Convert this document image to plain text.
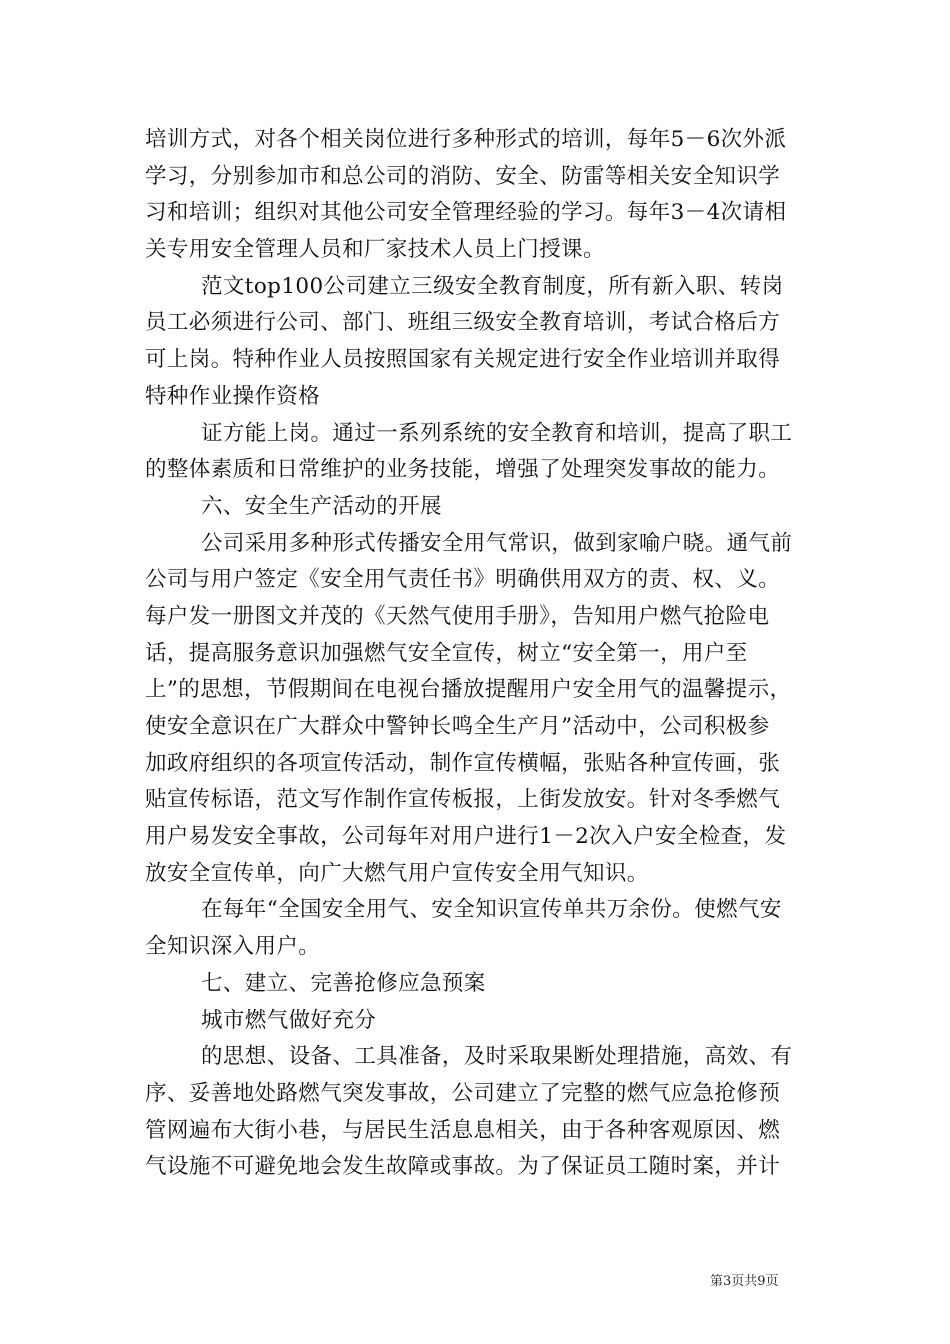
培训方式，对各个相关岗位进行多种形式的培训，每年5－6次外派
学习，分别参加市和总公司的消防、安全、防雷等相关安全知识学
习和培训；组织对其他公司安全管理经验的学习。每年3－4次请相
关专用安全管理人员和厂家技术人员上门授课。
范文top100公司建立三级安全教育制度，所有新入职、转岗
员工必须进行公司、部门、班组三级安全教育培训，考试合格后方
可上岗。特种作业人员按照国家有关规定进行安全作业培训并取得
特种作业操作资格
证方能上岗。通过一系列系统的安全教育和培训，提高了职工
的整体素质和日常维护的业务技能，增强了处理突发事故的能力。
六、安全生产活动的开展
公司采用多种形式传播安全用气常识，做到家喻户晓。通气前
公司与用户签定《安全用气责任书》明确供用双方的责、权、义。
每户发一册图文并茂的《天然气使用手册》，告知用户燃气抢险电
话，提高服务意识加强燃气安全宣传，树立“安全第一，用户至
上”的思想，节假期间在电视台播放提醒用户安全用气的温馨提示，
使安全意识在广大群众中警钟长鸣全生产月”活动中，公司积极参
加政府组织的各项宣传活动，制作宣传横幅，张贴各种宣传画，张
贴宣传标语，范文写作制作宣传板报，上街发放安。针对冬季燃气
用户易发安全事故，公司每年对用户进行1－2次入户安全检查，发
放安全宣传单，向广大燃气用户宣传安全用气知识。
在每年“全国安全用气、安全知识宣传单共万余份。使燃气安
全知识深入用户。
七、建立、完善抢修应急预案
城市燃气做好充分
的思想、设备、工具准备，及时采取果断处理措施，高效、有
序、妥善地处路燃气突发事故，公司建立了完整的燃气应急抢修预
管网遍布大街小巷，与居民生活息息相关，由于各种客观原因、燃
气设施不可避免地会发生故障或事故。为了保证员工随时案，并计
第3页共9页
